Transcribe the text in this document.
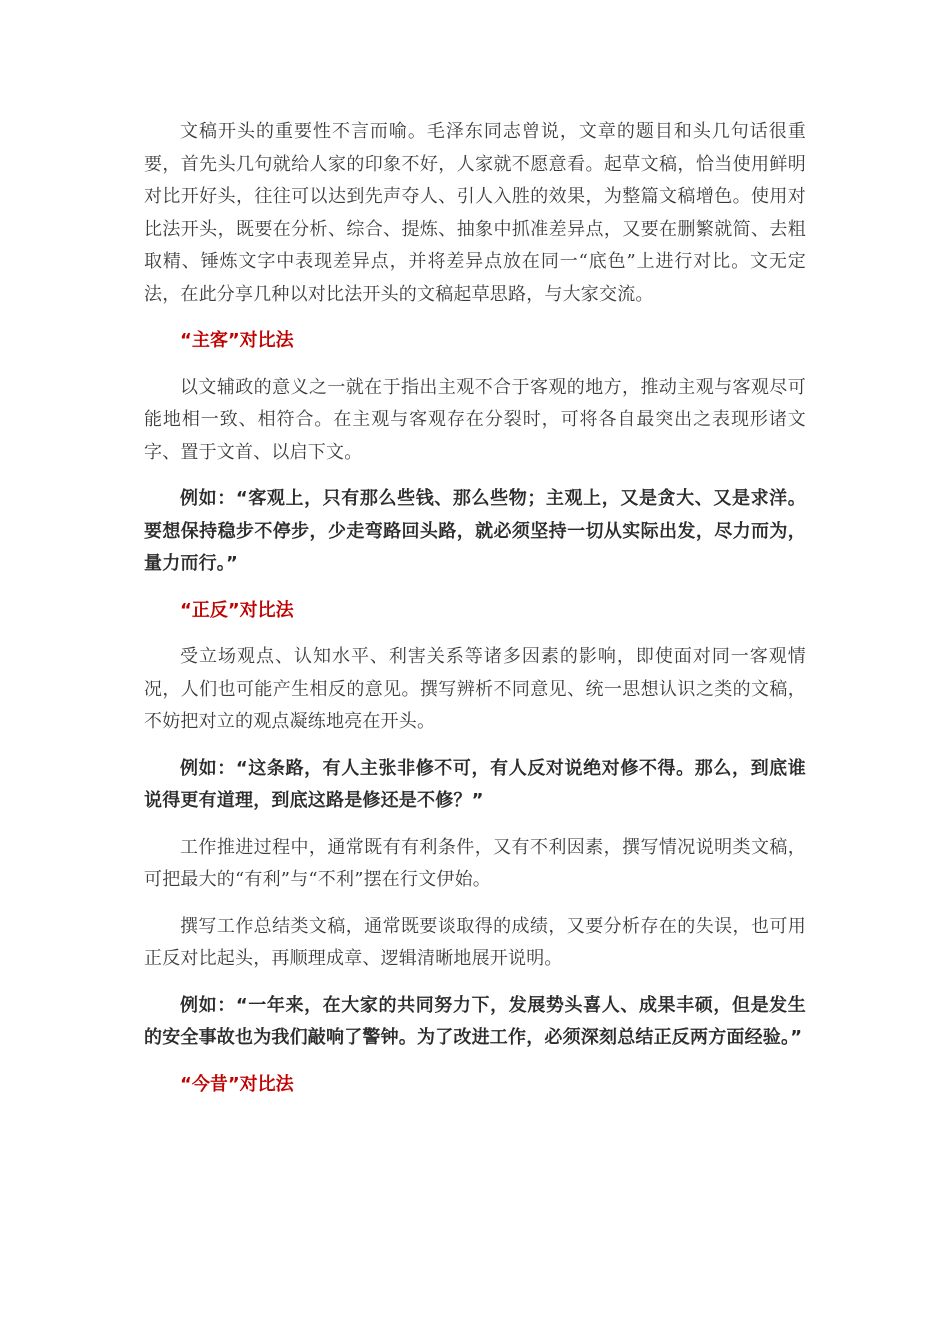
文稿开头的重要性不言而喻。毛泽东同志曾说，文章的题目和头几句话很重要，首先头几句就给人家的印象不好，人家就不愿意看。起草文稿，恰当使用鲜明对比开好头，往往可以达到先声夺人、引人入胜的效果，为整篇文稿增色。使用对比法开头，既要在分析、综合、提炼、抽象中抓准差异点，又要在删繁就简、去粗取精、锤炼文字中表现差异点，并将差异点放在同一“底色”上进行对比。文无定法，在此分享几种以对比法开头的文稿起草思路，与大家交流。

“主客”对比法

以文辅政的意义之一就在于指出主观不合于客观的地方，推动主观与客观尽可能地相一致、相符合。在主观与客观存在分裂时，可将各自最突出之表现形诸文字、置于文首、以启下文。

例如：“客观上，只有那么些钱、那么些物；主观上，又是贪大、又是求洋。要想保持稳步不停步，少走弯路回头路，就必须坚持一切从实际出发，尽力而为，量力而行。”

“正反”对比法

受立场观点、认知水平、利害关系等诸多因素的影响，即使面对同一客观情况，人们也可能产生相反的意见。撰写辨析不同意见、统一思想认识之类的文稿，不妨把对立的观点凝练地亮在开头。

例如：“这条路，有人主张非修不可，有人反对说绝对修不得。那么，到底谁说得更有道理，到底这路是修还是不修？”

工作推进过程中，通常既有有利条件，又有不利因素，撰写情况说明类文稿，可把最大的“有利”与“不利”摆在行文伊始。

撰写工作总结类文稿，通常既要谈取得的成绩，又要分析存在的失误，也可用正反对比起头，再顺理成章、逻辑清晰地展开说明。

例如：“一年来，在大家的共同努力下，发展势头喜人、成果丰硕，但是发生的安全事故也为我们敲响了警钟。为了改进工作，必须深刻总结正反两方面经验。”

“今昔”对比法
